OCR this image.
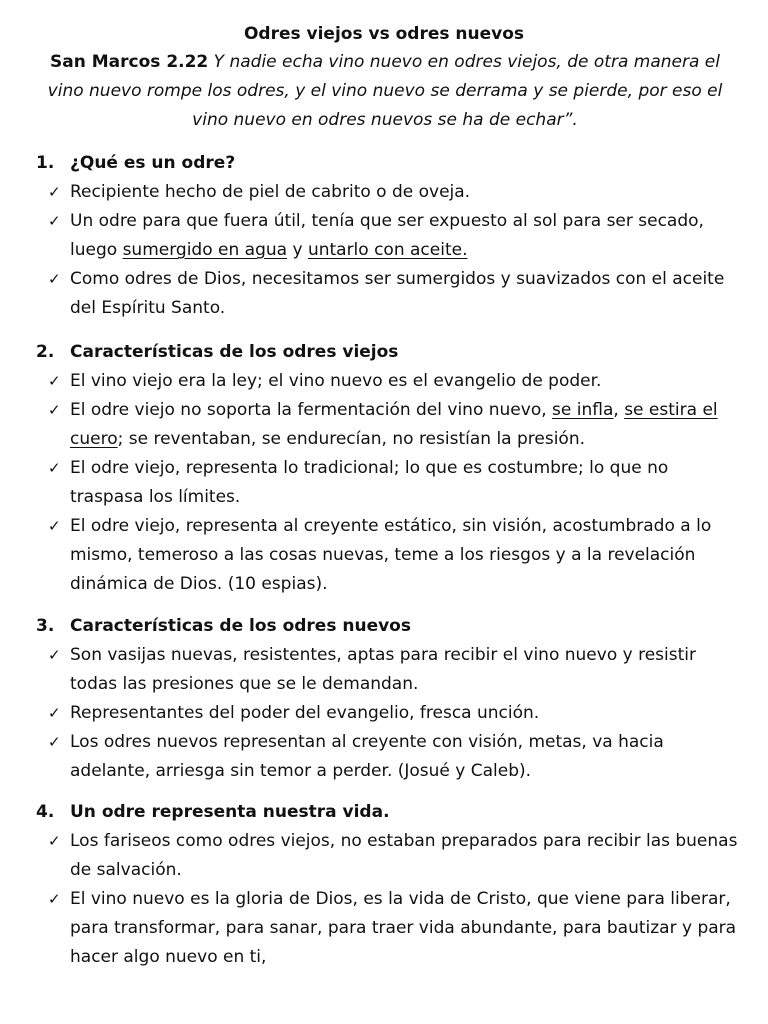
Odres viejos vs odres nuevos
San Marcos 2.22 Y nadie echa vino nuevo en odres viejos, de otra manera el vino nuevo rompe los odres, y el vino nuevo se derrama y se pierde, por eso el vino nuevo en odres nuevos se ha de echar”.
1. ¿Qué es un odre?
✓ Recipiente hecho de piel de cabrito o de oveja.
✓ Un odre para que fuera útil, tenía que ser expuesto al sol para ser secado, luego sumergido en agua y untarlo con aceite.
✓ Como odres de Dios, necesitamos ser sumergidos y suavizados con el aceite del Espíritu Santo.
2. Características de los odres viejos
✓ El vino viejo era la ley; el vino nuevo es el evangelio de poder.
✓ El odre viejo no soporta la fermentación del vino nuevo, se infla, se estira el cuero; se reventaban, se endurecían, no resistían la presión.
✓ El odre viejo, representa lo tradicional; lo que es costumbre; lo que no traspasa los límites.
✓ El odre viejo, representa al creyente estático, sin visión, acostumbrado a lo mismo, temeroso a las cosas nuevas, teme a los riesgos y a la revelación dinámica de Dios. (10 espias).
3. Características de los odres nuevos
✓ Son vasijas nuevas, resistentes, aptas para recibir el vino nuevo y resistir todas las presiones que se le demandan.
✓ Representantes del poder del evangelio, fresca unción.
✓ Los odres nuevos representan al creyente con visión, metas, va hacia adelante, arriesga sin temor a perder. (Josué y Caleb).
4. Un odre representa nuestra vida.
✓ Los fariseos como odres viejos, no estaban preparados para recibir las buenas de salvación.
✓ El vino nuevo es la gloria de Dios, es la vida de Cristo, que viene para liberar, para transformar, para sanar, para traer vida abundante, para bautizar y para hacer algo nuevo en ti,
